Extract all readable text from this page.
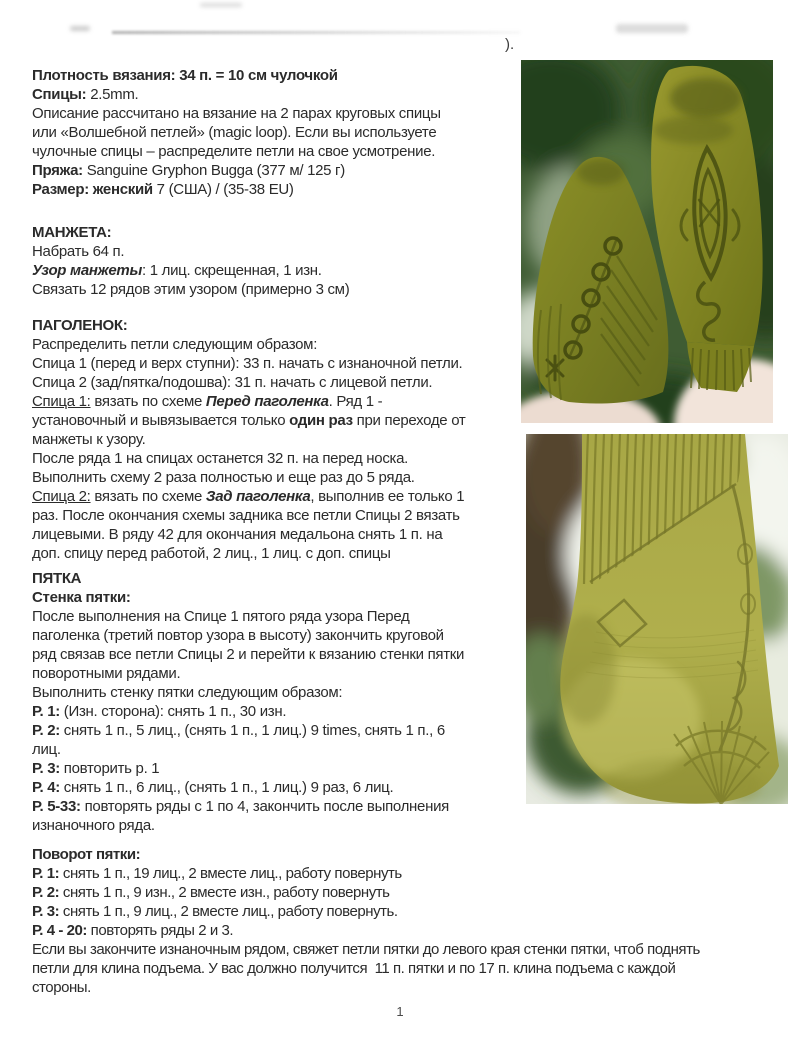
).
Плотность вязания: 34 п. = 10 см чулочкой
Спицы: 2.5mm.
Описание рассчитано на вязание на 2 парах круговых спицы
или «Волшебной петлей» (magic loop). Если вы используете
чулочные спицы – распределите петли на свое усмотрение.
Пряжа: Sanguine Gryphon Bugga (377 м/ 125 г)
Размер: женский 7 (США) / (35-38 EU)
МАНЖЕТА:
Набрать 64 п.
Узор манжеты: 1 лиц. скрещенная, 1 изн.
Связать 12 рядов этим узором (примерно 3 см)
ПАГОЛЕНОК:
Распределить петли следующим образом:
Спица 1 (перед и верх ступни): 33 п. начать с изнаночной петли.
Спица 2 (зад/пятка/подошва): 31 п. начать с лицевой петли.
Спица 1: вязать по схеме Перед паголенка. Ряд 1 -
установочный и вывязывается только один раз при переходе от
манжеты к узору.
После ряда 1 на спицах останется 32 п. на перед носка.
Выполнить схему 2 раза полностью и еще раз до 5 ряда.
Спица 2: вязать по схеме Зад паголенка, выполнив ее только 1
раз. После окончания схемы задника все петли Спицы 2 вязать
лицевыми. В ряду 42 для окончания медальона снять 1 п. на
доп. спицу перед работой, 2 лиц., 1 лиц. с доп. спицы
ПЯТКА
Стенка пятки:
После выполнения на Спице 1 пятого ряда узора Перед
паголенка (третий повтор узора в высоту) закончить круговой
ряд связав все петли Спицы 2 и перейти к вязанию стенки пятки
поворотными рядами.
Выполнить стенку пятки следующим образом:
Р. 1: (Изн. сторона): снять 1 п., 30 изн.
Р. 2: снять 1 п., 5 лиц., (снять 1 п., 1 лиц.) 9 times, снять 1 п., 6
лиц.
Р. 3: повторить р. 1
Р. 4: снять 1 п., 6 лиц., (снять 1 п., 1 лиц.) 9 раз, 6 лиц.
Р. 5-33: повторять ряды с 1 по 4, закончить после выполнения
изнаночного ряда.
Поворот пятки:
Р. 1: снять 1 п., 19 лиц., 2 вместе лиц., работу повернуть
Р. 2: снять 1 п., 9 изн., 2 вместе изн., работу повернуть
Р. 3: снять 1 п., 9 лиц., 2 вместе лиц., работу повернуть.
Р. 4 - 20: повторять ряды 2 и 3.
Если вы закончите изнаночным рядом, свяжет петли пятки до левого края стенки пятки, чтоб поднять
петли для клина подъема. У вас должно получится  11 п. пятки и по 17 п. клина подъема с каждой
стороны.
1
